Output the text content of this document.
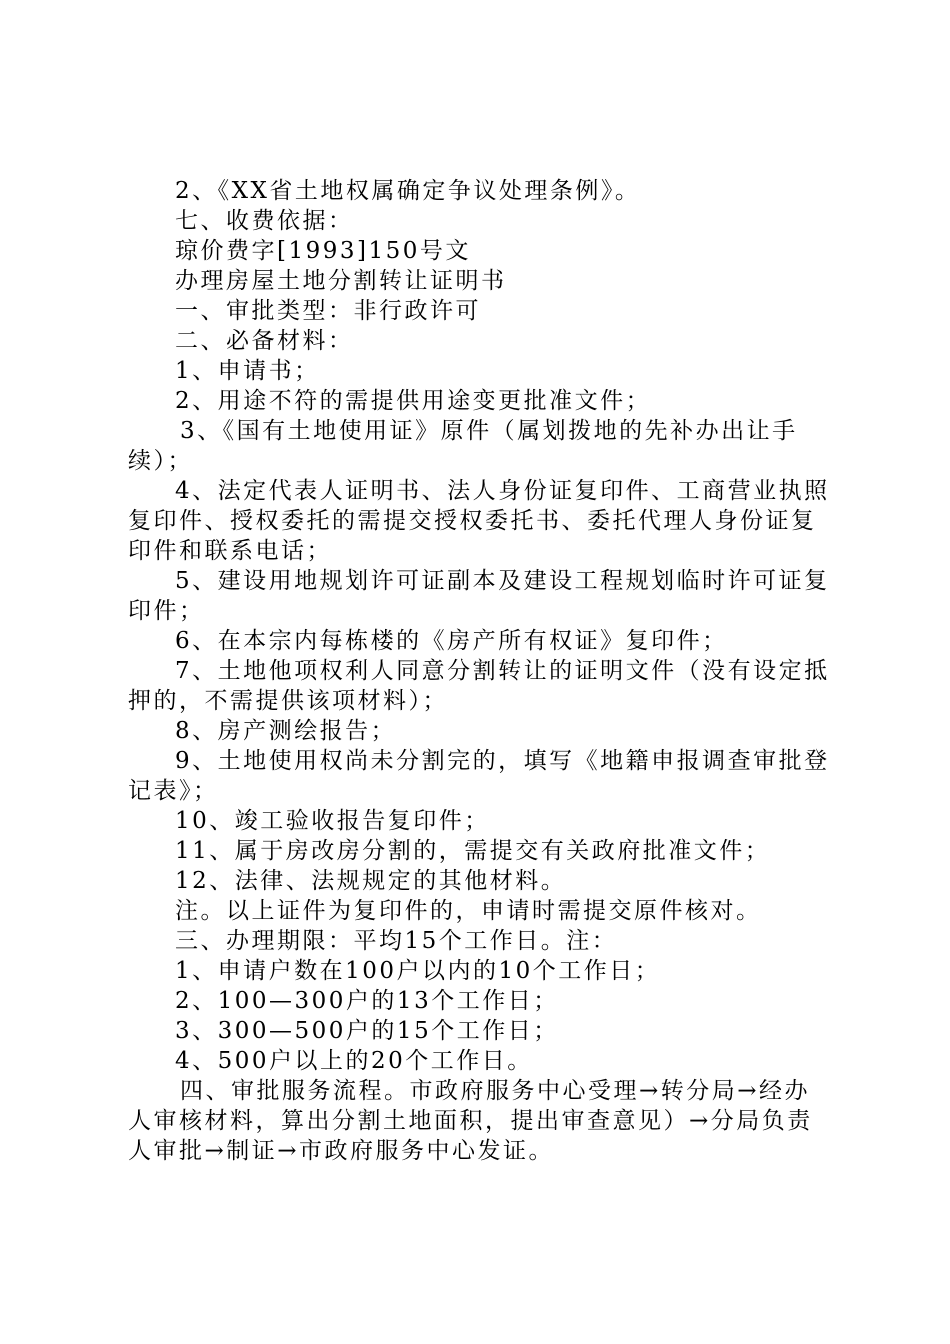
2、《XX省土地权属确定争议处理条例》。

七、收费依据：

琼价费字[1993]150号文

办理房屋土地分割转让证明书

一、审批类型：非行政许可

二、必备材料：

1、申请书；

2、用途不符的需提供用途变更批准文件；

3、《国有土地使用证》原件（属划拨地的先补办出让手续）；

4、法定代表人证明书、法人身份证复印件、工商营业执照复印件、授权委托的需提交授权委托书、委托代理人身份证复印件和联系电话；

5、建设用地规划许可证副本及建设工程规划临时许可证复印件；

6、在本宗内每栋楼的《房产所有权证》复印件；

7、土地他项权利人同意分割转让的证明文件（没有设定抵押的，不需提供该项材料）；

8、房产测绘报告；

9、土地使用权尚未分割完的，填写《地籍申报调查审批登记表》；

10、竣工验收报告复印件；

11、属于房改房分割的，需提交有关政府批准文件；

12、法律、法规规定的其他材料。

注。以上证件为复印件的，申请时需提交原件核对。

三、办理期限：平均15个工作日。注：

1、申请户数在100户以内的10个工作日；

2、100—300户的13个工作日；

3、300—500户的15个工作日；

4、500户以上的20个工作日。

四、审批服务流程。市政府服务中心受理→转分局→经办人审核材料，算出分割土地面积，提出审查意见）→分局负责人审批→制证→市政府服务中心发证。
